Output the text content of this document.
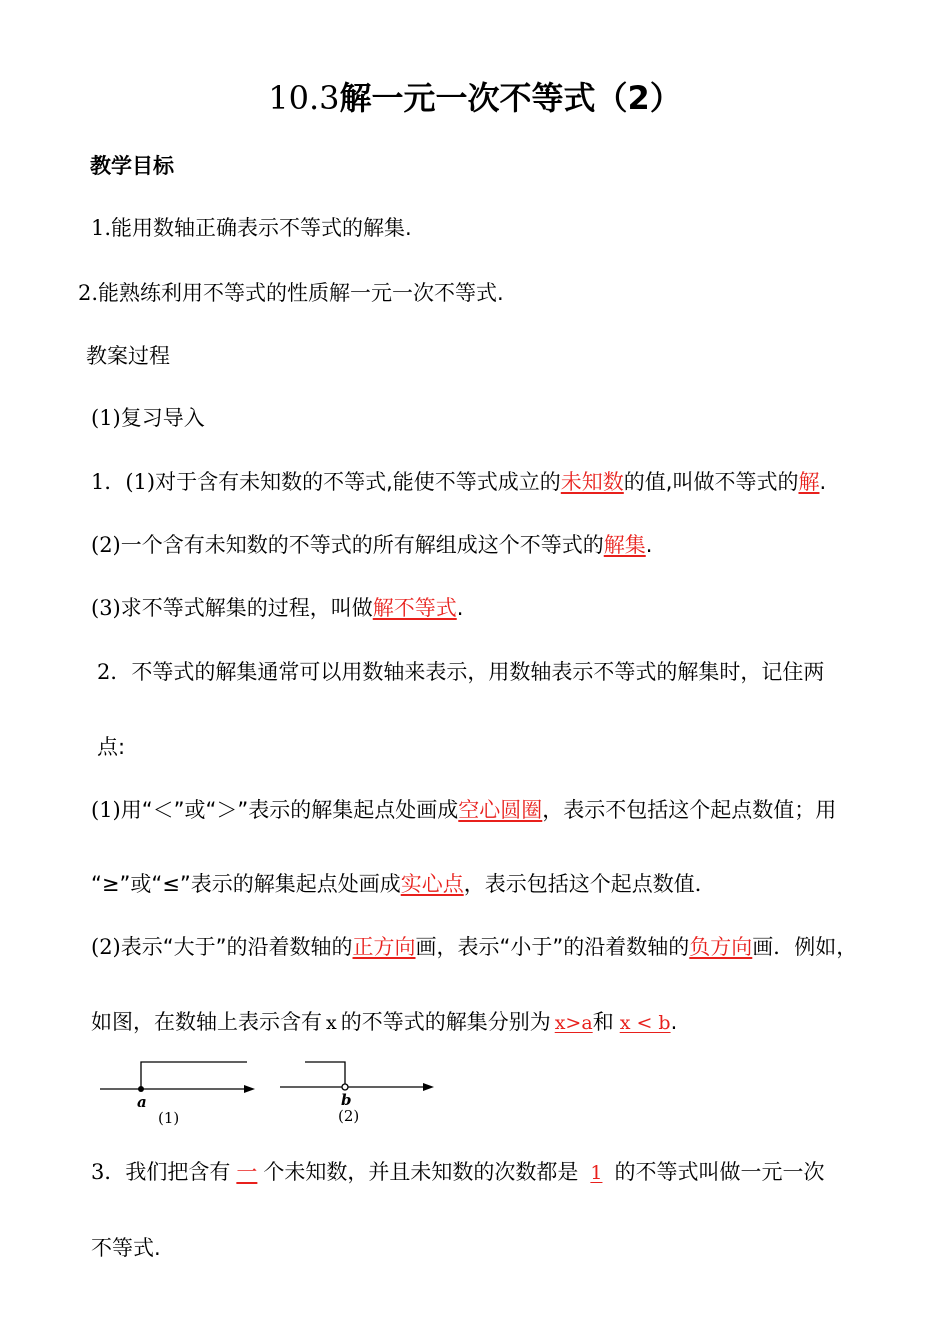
10.3解一元一次不等式（2）
教学目标
1.能用数轴正确表示不等式的解集.
2.能熟练利用不等式的性质解一元一次不等式.
教案过程
(1)复习导入
1．(1)对于含有未知数的不等式,能使不等式成立的未知数的值,叫做不等式的解.
(2)一个含有未知数的不等式的所有解组成这个不等式的解集.
(3)求不等式解集的过程，叫做解不等式.
2．不等式的解集通常可以用数轴来表示，用数轴表示不等式的解集时，记住两
点:
(1)用“＜”或“＞”表示的解集起点处画成空心圆圈，表示不包括这个起点数值；用
“≥”或“≤”表示的解集起点处画成实心点，表示包括这个起点数值．
(2)表示“大于”的沿着数轴的正方向画，表示“小于”的沿着数轴的负方向画．例如，
如图，在数轴上表示含有 x 的不等式的解集分别为 x>a和 x < b.
a
(1)
b
(2)
3．我们把含有 一 个未知数，并且未知数的次数都是 1 的不等式叫做一元一次
不等式.
